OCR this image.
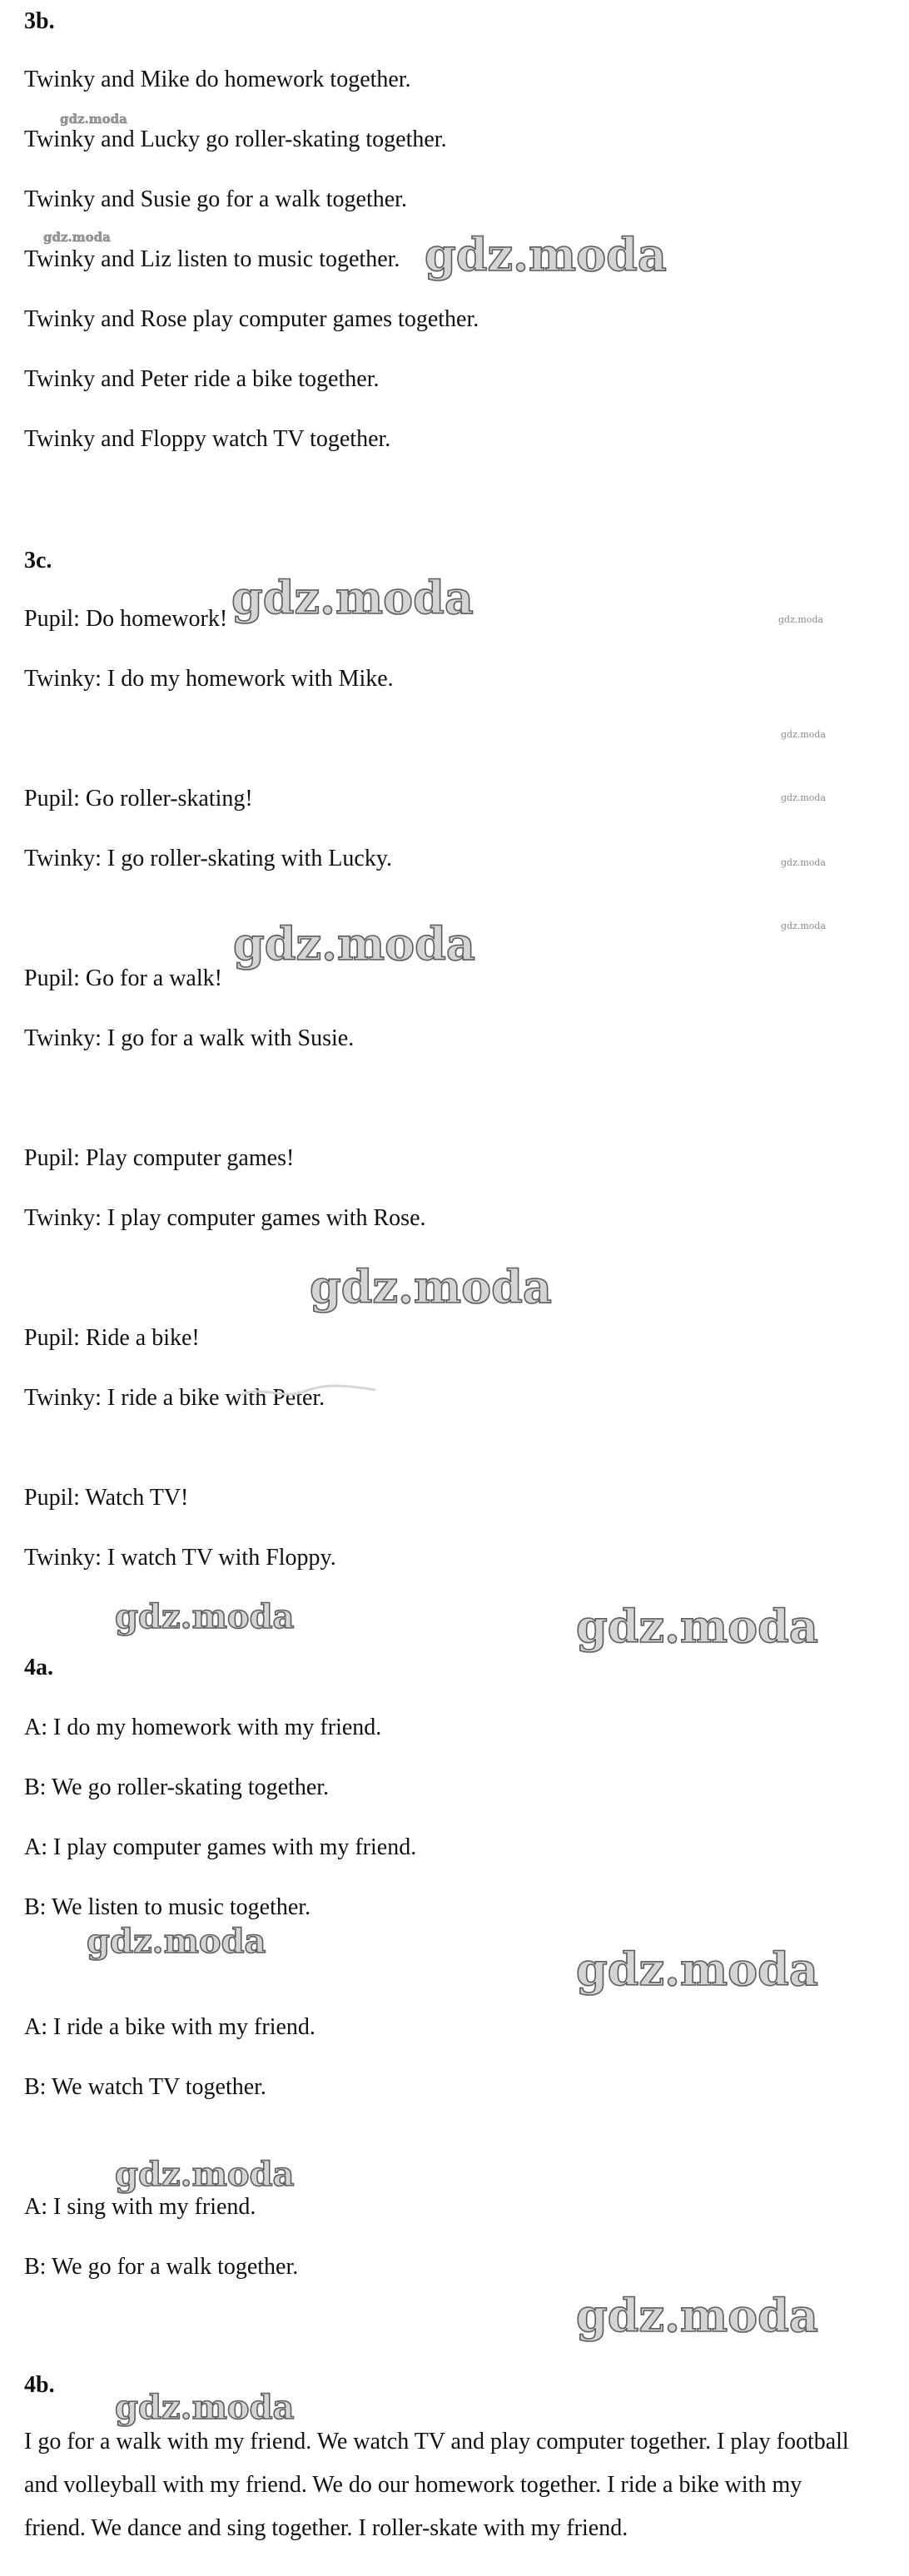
3b.
Twinky and Mike do homework together.
Twinky and Lucky go roller-skating together.
Twinky and Susie go for a walk together.
Twinky and Liz listen to music together.
Twinky and Rose play computer games together.
Twinky and Peter ride a bike together.
Twinky and Floppy watch TV together.
3c.
Pupil: Do homework!
Twinky: I do my homework with Mike.
Pupil: Go roller-skating!
Twinky: I go roller-skating with Lucky.
Pupil: Go for a walk!
Twinky: I go for a walk with Susie.
Pupil: Play computer games!
Twinky: I play computer games with Rose.
Pupil: Ride a bike!
Twinky: I ride a bike with Peter.
Pupil: Watch TV!
Twinky: I watch TV with Floppy.
4a.
A: I do my homework with my friend.
B: We go roller-skating together.
A: I play computer games with my friend.
B: We listen to music together.
A: I ride a bike with my friend.
B: We watch TV together.
A: I sing with my friend.
B: We go for a walk together.
4b.
I go for a walk with my friend. We watch TV and play computer together. I play football and volleyball with my friend. We do our homework together. I ride a bike with my friend. We dance and sing together. I roller-skate with my friend.
gdz.moda
gdz.moda	gdz.moda
gdz.moda	gdz.moda
gdz.moda
gdz.moda
gdz.moda
gdz.moda
gdz.moda
gdz.moda
gdz.moda	gdz.moda
gdz.moda
gdz.moda
gdz.moda
gdz.moda
gdz.moda
